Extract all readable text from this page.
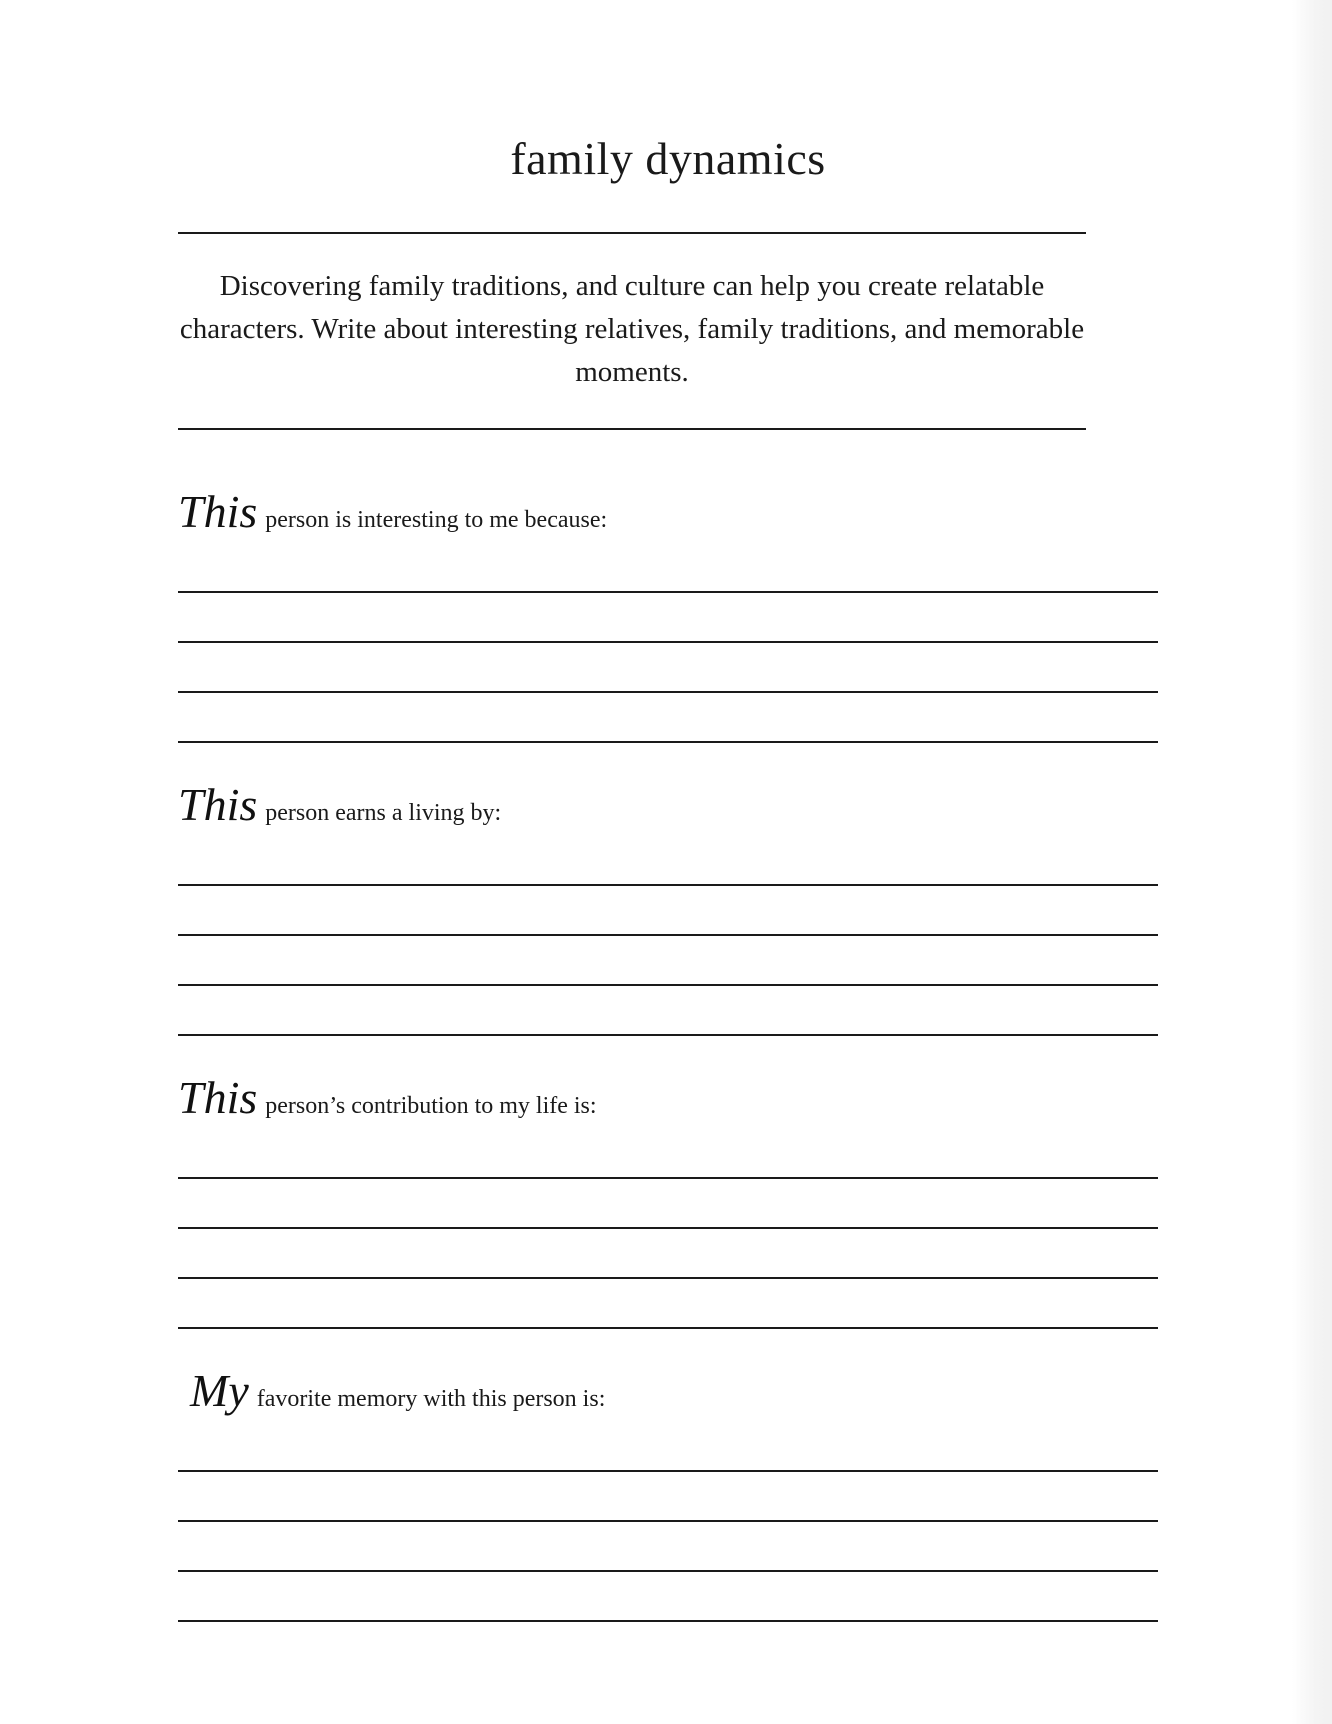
family dynamics
Discovering family traditions, and culture can help you create relatable characters. Write about interesting relatives, family traditions, and memorable moments.
This person is interesting to me because:
This person earns a living by:
This person’s contribution to my life is:
My favorite memory with this person is:
